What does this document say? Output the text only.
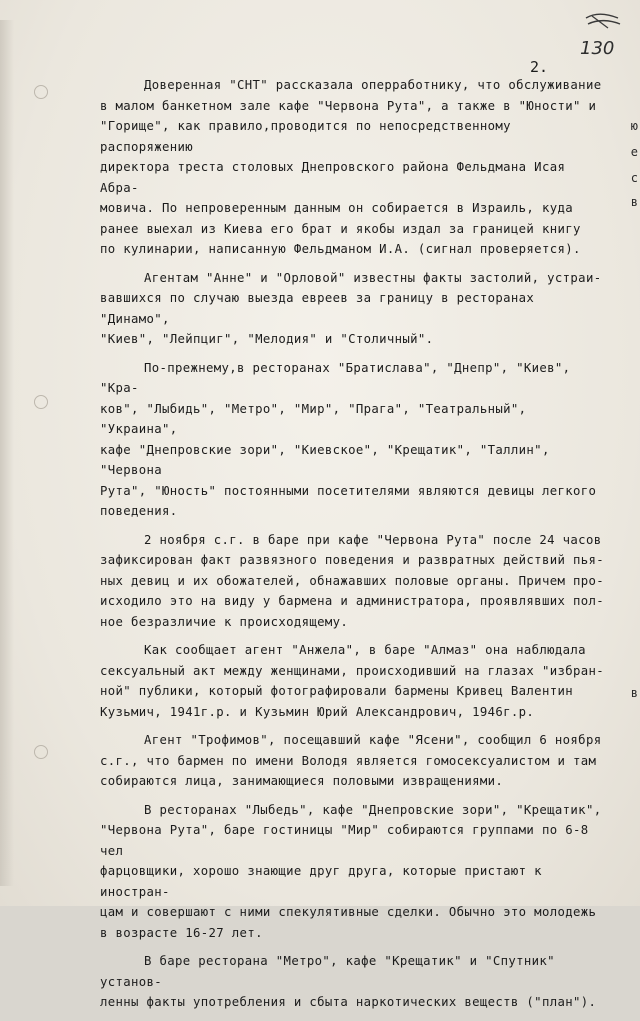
130
2.

Доверенная "СНТ" рассказала оперработнику, что обслуживание
в малом банкетном зале кафе "Червона Рута", а также в "Юности" и
"Горище", как правило,проводится по непосредственному распоряжению
директора треста столовых Днепровского района Фельдмана Исая Абра-
мовича. По непроверенным данным он собирается в Израиль, куда
ранее выехал из Киева его брат и якобы издал за границей книгу
по кулинарии, написанную Фельдманом И.А. (сигнал проверяется).

Агентам "Анне" и "Орловой" известны факты застолий, устраи-
вавшихся по случаю выезда евреев за границу в ресторанах "Динамо",
"Киев", "Лейпциг", "Мелодия" и "Столичный".

По-прежнему,в ресторанах "Братислава", "Днепр", "Киев", "Кра-
ков", "Лыбидь", "Метро", "Мир", "Прага", "Театральный", "Украина",
кафе "Днепровские зори", "Киевское", "Крещатик", "Таллин", "Червона
Рута", "Юность" постоянными посетителями являются девицы легкого
поведения.

2 ноября с.г. в баре при кафе "Червона Рута" после 24 часов
зафиксирован факт развязного поведения и развратных действий пья-
ных девиц и их обожателей, обнажавших половые органы. Причем про-
исходило это на виду у бармена и администратора, проявлявших пол-
ное безразличие к происходящему.

Как сообщает агент "Анжела", в баре "Алмаз" она наблюдала
сексуальный акт между женщинами, происходивший на глазах "избран-
ной" публики, который фотографировали бармены Кривец Валентин
Кузьмич, 1941г.р. и Кузьмин Юрий Александрович, 1946г.р.

Агент "Трофимов", посещавший кафе "Ясени", сообщил 6 ноября
с.г., что бармен по имени Володя является гомосексуалистом и там
собираются лица, занимающиеся половыми извращениями.

В ресторанах "Лыбедь", кафе "Днепровские зори", "Крещатик",
"Червона Рута", баре гостиницы "Мир" собираются группами по 6-8 чел
фарцовщики, хорошо знающие друг друга, которые пристают к иностран-
цам и совершают с ними спекулятивные сделки. Обычно это молодежь
в возрасте 16-27 лет.

В баре ресторана "Метро", кафе "Крещатик" и "Спутник" установ-
ленны факты употребления и сбыта наркотических веществ ("план").

ю
е
с
в
в
